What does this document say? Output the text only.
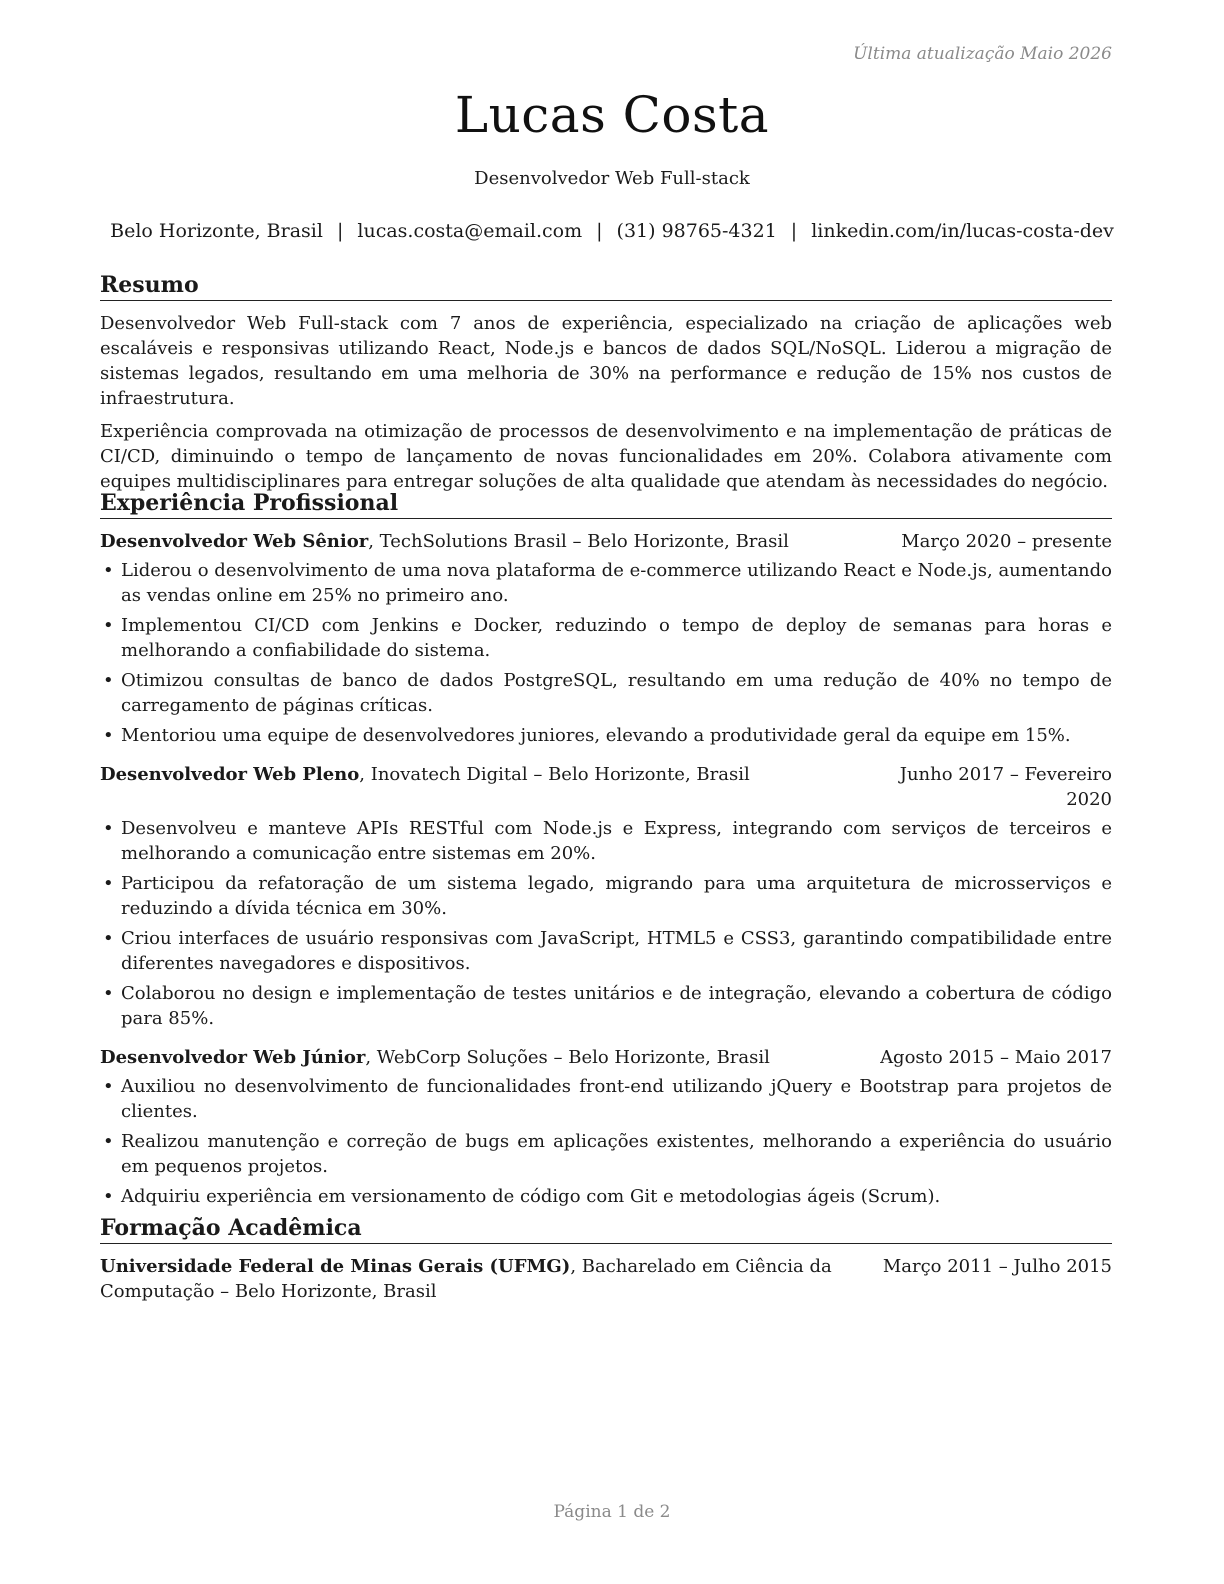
Última atualização Maio 2026
Lucas Costa
Desenvolvedor Web Full-stack
Belo Horizonte, Brasil | lucas.costa@email.com | (31) 98765-4321 | linkedin.com/in/lucas-costa-dev
Resumo

Desenvolvedor Web Full-stack com 7 anos de experiência, especializado na criação de aplicações web escaláveis e responsivas utilizando React, Node.js e bancos de dados SQL/NoSQL. Liderou a migração de sistemas legados, resultando em uma melhoria de 30% na performance e redução de 15% nos custos de infraestrutura.

Experiência comprovada na otimização de processos de desenvolvimento e na implementação de práticas de CI/CD, diminuindo o tempo de lançamento de novas funcionalidades em 20%. Colabora ativamente com equipes multidisciplinares para entregar soluções de alta qualidade que atendam às necessidades do negócio.

Experiência Profissional
Desenvolvedor Web Sênior, TechSolutions Brasil – Belo Horizonte, Brasil	Março 2020 – presente
• Liderou o desenvolvimento de uma nova plataforma de e-commerce utilizando React e Node.js, aumentando as vendas online em 25% no primeiro ano.
• Implementou CI/CD com Jenkins e Docker, reduzindo o tempo de deploy de semanas para horas e melhorando a confiabilidade do sistema.
• Otimizou consultas de banco de dados PostgreSQL, resultando em uma redução de 40% no tempo de carregamento de páginas críticas.
• Mentoriou uma equipe de desenvolvedores juniores, elevando a produtividade geral da equipe em 15%.
Desenvolvedor Web Pleno, Inovatech Digital – Belo Horizonte, Brasil	Junho 2017 – Fevereiro 2020
• Desenvolveu e manteve APIs RESTful com Node.js e Express, integrando com serviços de terceiros e melhorando a comunicação entre sistemas em 20%.
• Participou da refatoração de um sistema legado, migrando para uma arquitetura de microsserviços e reduzindo a dívida técnica em 30%.
• Criou interfaces de usuário responsivas com JavaScript, HTML5 e CSS3, garantindo compatibilidade entre diferentes navegadores e dispositivos.
• Colaborou no design e implementação de testes unitários e de integração, elevando a cobertura de código para 85%.
Desenvolvedor Web Júnior, WebCorp Soluções – Belo Horizonte, Brasil	Agosto 2015 – Maio 2017
• Auxiliou no desenvolvimento de funcionalidades front-end utilizando jQuery e Bootstrap para projetos de clientes.
• Realizou manutenção e correção de bugs em aplicações existentes, melhorando a experiência do usuário em pequenos projetos.
• Adquiriu experiência em versionamento de código com Git e metodologias ágeis (Scrum).
Formação Acadêmica
Universidade Federal de Minas Gerais (UFMG), Bacharelado em Ciência da Computação – Belo Horizonte, Brasil
Março 2011 – Julho 2015
Página 1 de 2
